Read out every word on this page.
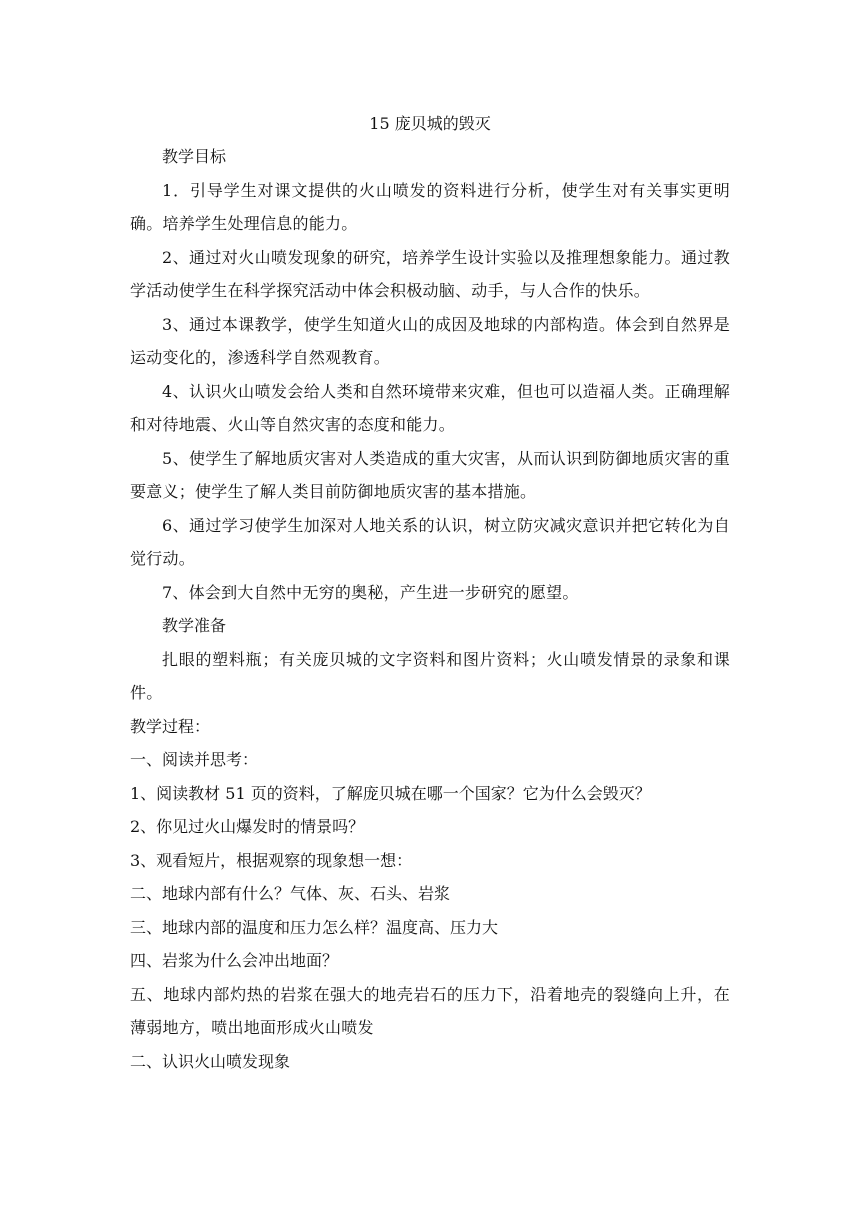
15 庞贝城的毁灭
教学目标
1．引导学生对课文提供的火山喷发的资料进行分析，使学生对有关事实更明确。培养学生处理信息的能力。
2、通过对火山喷发现象的研究，培养学生设计实验以及推理想象能力。通过教学活动使学生在科学探究活动中体会积极动脑、动手，与人合作的快乐。
3、通过本课教学，使学生知道火山的成因及地球的内部构造。体会到自然界是运动变化的，渗透科学自然观教育。
4、认识火山喷发会给人类和自然环境带来灾难，但也可以造福人类。正确理解和对待地震、火山等自然灾害的态度和能力。
5、使学生了解地质灾害对人类造成的重大灾害，从而认识到防御地质灾害的重要意义；使学生了解人类目前防御地质灾害的基本措施。
6、通过学习使学生加深对人地关系的认识，树立防灾减灾意识并把它转化为自觉行动。
7、体会到大自然中无穷的奥秘，产生进一步研究的愿望。
教学准备
扎眼的塑料瓶；有关庞贝城的文字资料和图片资料；火山喷发情景的录象和课件。
教学过程：
一、阅读并思考：
1、阅读教材 51 页的资料，了解庞贝城在哪一个国家？它为什么会毁灭？
2、你见过火山爆发时的情景吗？
3、观看短片，根据观察的现象想一想：
二、地球内部有什么？气体、灰、石头、岩浆
三、地球内部的温度和压力怎么样？温度高、压力大
四、岩浆为什么会冲出地面？
五、地球内部灼热的岩浆在强大的地壳岩石的压力下，沿着地壳的裂缝向上升，在薄弱地方，喷出地面形成火山喷发
二、认识火山喷发现象
